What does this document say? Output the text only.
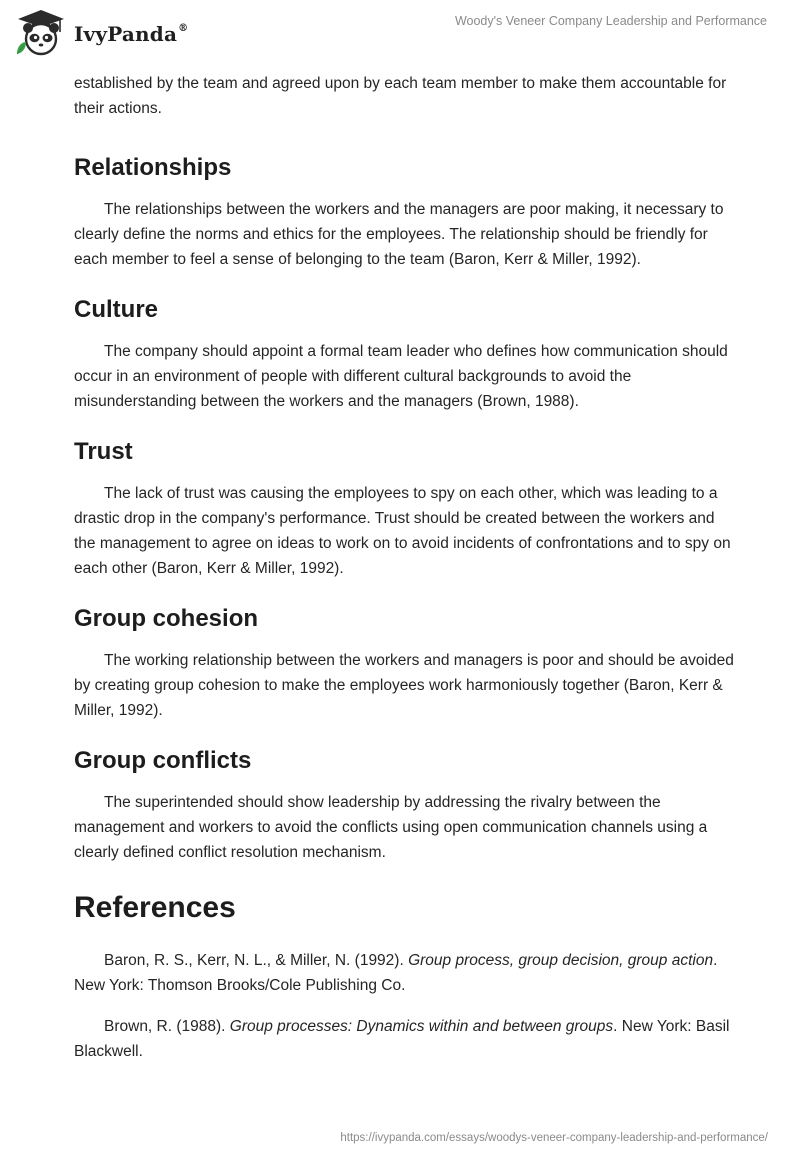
IvyPanda®
Woody's Veneer Company Leadership and Performance

established by the team and agreed upon by each team member to make them accountable for their actions.

Relationships

The relationships between the workers and the managers are poor making, it necessary to clearly define the norms and ethics for the employees. The relationship should be friendly for each member to feel a sense of belonging to the team (Baron, Kerr & Miller, 1992).

Culture

The company should appoint a formal team leader who defines how communication should occur in an environment of people with different cultural backgrounds to avoid the misunderstanding between the workers and the managers (Brown, 1988).

Trust

The lack of trust was causing the employees to spy on each other, which was leading to a drastic drop in the company's performance. Trust should be created between the workers and the management to agree on ideas to work on to avoid incidents of confrontations and to spy on each other (Baron, Kerr & Miller, 1992).

Group cohesion

The working relationship between the workers and managers is poor and should be avoided by creating group cohesion to make the employees work harmoniously together (Baron, Kerr & Miller, 1992).

Group conflicts

The superintended should show leadership by addressing the rivalry between the management and workers to avoid the conflicts using open communication channels using a clearly defined conflict resolution mechanism.

References

Baron, R. S., Kerr, N. L., & Miller, N. (1992). Group process, group decision, group action. New York: Thomson Brooks/Cole Publishing Co.

Brown, R. (1988). Group processes: Dynamics within and between groups. New York: Basil Blackwell.

https://ivypanda.com/essays/woodys-veneer-company-leadership-and-performance/
